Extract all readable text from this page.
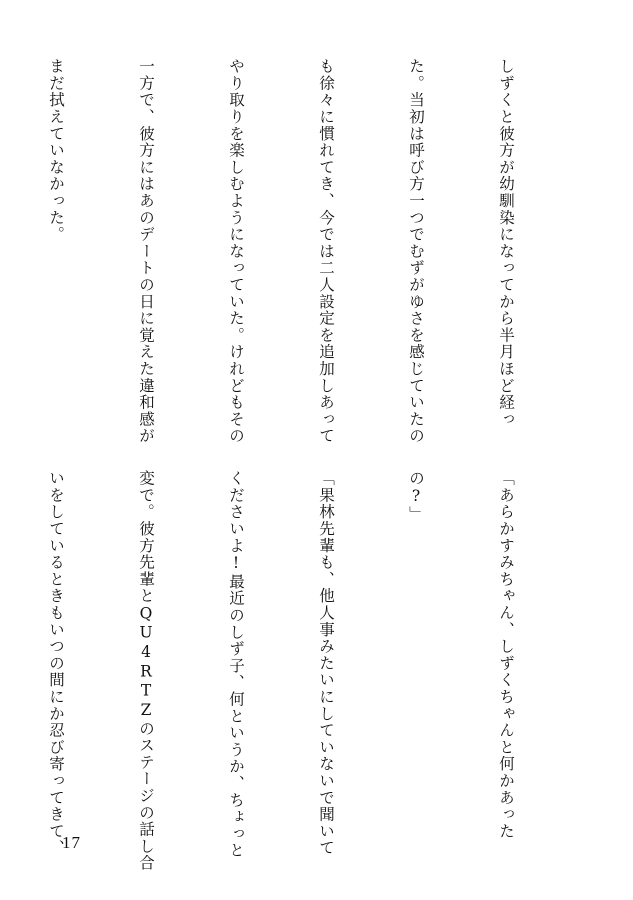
しずくと彼方が幼馴染になってから半月ほど経っ

た。当初は呼び方一つでむずがゆさを感じていたの

も徐々に慣れてき、今では二人設定を追加しあって

やり取りを楽しむようになっていた。けれどもその

一方で、彼方にはあのデートの日に覚えた違和感が

まだ拭えていなかった。

「あらかすみちゃん、しずくちゃんと何かあった

の?」

「果林先輩も、他人事みたいにしていないで聞いて

くださいよ!最近のしず子、何というか、ちょっと

変で。彼方先輩とQU4RTZのステージの話し合

いをしているときもいつの間にか忍び寄ってきて、

17
